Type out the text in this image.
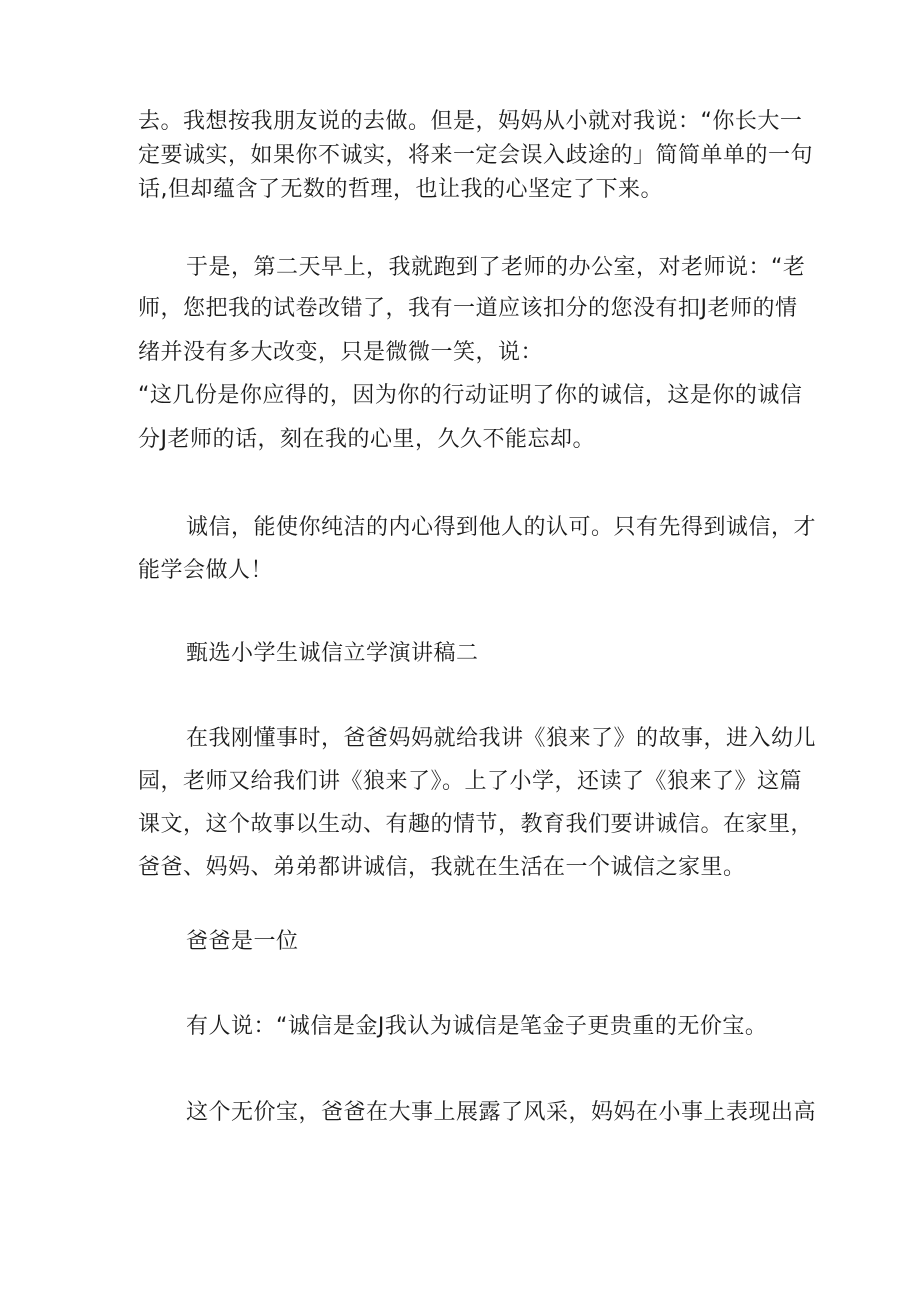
去。我想按我朋友说的去做。但是，妈妈从小就对我说：“你长大一
定要诚实，如果你不诚实，将来一定会误入歧途的」简简单单的一句
话,但却蕴含了无数的哲理，也让我的心坚定了下来。
于是，第二天早上，我就跑到了老师的办公室，对老师说：“老
师，您把我的试卷改错了，我有一道应该扣分的您没有扣J老师的情
绪并没有多大改变，只是微微一笑，说：
“这几份是你应得的，因为你的行动证明了你的诚信，这是你的诚信
分J老师的话，刻在我的心里，久久不能忘却。
诚信，能使你纯洁的内心得到他人的认可。只有先得到诚信，才
能学会做人！
甄选小学生诚信立学演讲稿二
在我刚懂事时，爸爸妈妈就给我讲《狼来了》的故事，进入幼儿
园，老师又给我们讲《狼来了》。上了小学，还读了《狼来了》这篇
课文，这个故事以生动、有趣的情节，教育我们要讲诚信。在家里，
爸爸、妈妈、弟弟都讲诚信，我就在生活在一个诚信之家里。
爸爸是一位
有人说：“诚信是金J我认为诚信是笔金子更贵重的无价宝。
这个无价宝，爸爸在大事上展露了风采，妈妈在小事上表现出高
